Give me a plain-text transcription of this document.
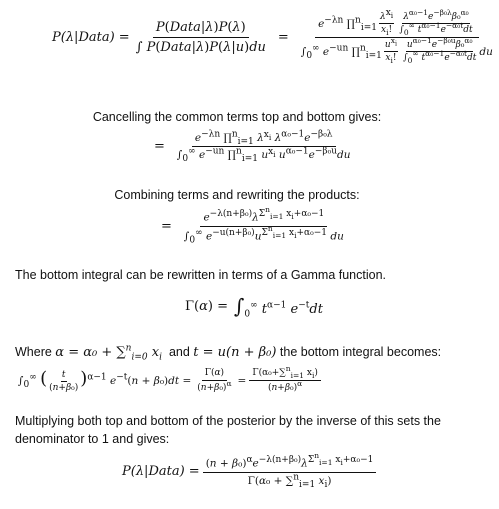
P(λ|Data) = $\frac{\text{P(Data|λ)P(λ)}}{\text{∫ P(Data|λ)P(λ|u)du}}$ =
$e^{-\lambda n}$ ∏$^n_{i=1}$ $\frac{\lambda^{x_i}}{x_i!} \frac{\lambda^{\alpha_0-1}e^{-\beta_0\lambda}\beta_0^{\alpha_0}}{\int_0^\infty t^{\alpha_0-1}e^{-\alpha_0t}dt}$
$\int_0^\infty$ $e^{-un}$ ∏$^n_{i=1}$ $\frac{u^{x_i}}{x_i!} \frac{u^{\alpha_0-1}e^{-\beta_0u}\beta_0^{\alpha_0}}{\int_0^\infty t^{\alpha_0-1}e^{-\alpha_0t}dt}$ du
Cancelling the common terms top and bottom gives:
= $\frac{e^{-\lambda n} \prod^n_{i=1} \lambda^{x_i} \lambda^{\alpha_0-1}e^{-\beta_0\lambda}}{\int_0^\infty e^{-un} \prod^n_{i=1} u^{x_i} u^{\alpha_0-1}e^{-\beta_0u}du}$
Combining terms and rewriting the products:
= $\frac{e^{-\lambda(n+\beta_0)}\lambda^{\Sigma^n_{i=1} x_i+\alpha_0-1}}{\int_0^\infty e^{-u(n+\beta_0)}u^{\Sigma^n_{i=1} x_i+\alpha_0-1} du}$
The bottom integral can be rewritten in terms of a Gamma function.
$\Gamma(\alpha) = \int_0^\infty$ $t^{\alpha-1}$ $e^{-t}dt$
Where α = α₀ + ∑$^n_{i=0}$ $x_i$  and t = u(n + β₀) the bottom integral becomes:
$\int_0^\infty$ ( $\frac{t}{\text{(n+β₀)}} )^{\alpha-1}$ $e^{-t}(n + \beta_0)dt = \frac{\Gamma(\alpha)}{(n+\beta_0)^\alpha} = \frac{\Gamma(\alpha_0+\sum^n_{i=1} x_i)}{(n+\beta_0)^\alpha}$
Multiplying both top and bottom of the posterior by the inverse of this sets the
denominator to 1 and gives:
P(λ|Data) = $\frac{(n + \beta_0)^\alpha e^{-\lambda(n+\beta_0)}\lambda^{\Sigma^n_{i=1} x_i+\alpha_0-1}}{\Gamma(\alpha_0 + \sum^n_{i=1} x_i)}$
